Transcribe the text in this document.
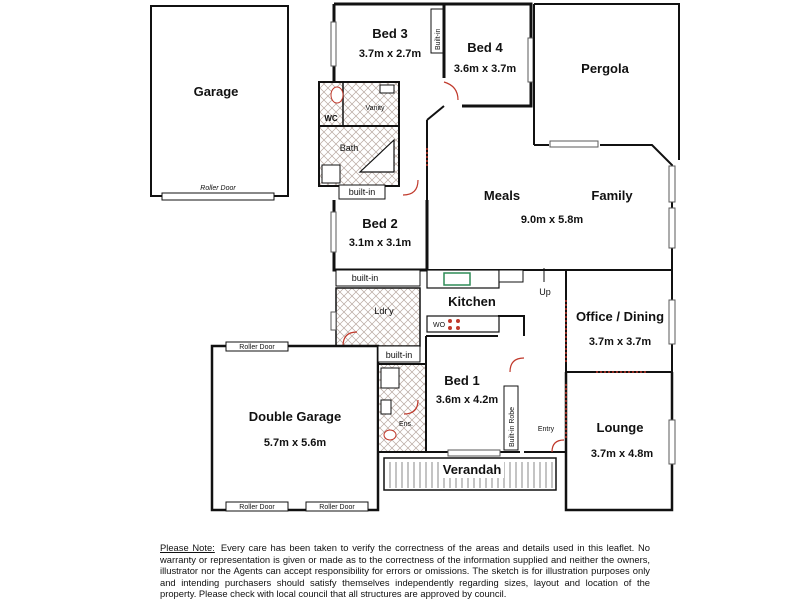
Garage
Roller Door
Built-in
Bed 3
3.7m x 2.7m	Bed 4
3.6m x 3.7m	Pergola
WC
Vanity
Bath
built-in
Bed 2
3.1m x 3.1m
Meals	Family
9.0m x 5.8m
Up
WO
Kitchen
built-in
Ldr'y	Office / Dining
3.7m x 3.7m
Roller Door
Roller Door	Roller Door
Double Garage
5.7m x 5.6m
built-in
Ens.	Built-in Robe
Bed 1
3.6m x 4.2m
Entry	Lounge
3.7m x 4.8m
Verandah
Please Note: Every care has been taken to verify the correctness of the areas and details used in this leaflet. No warranty or representation is given or made as to the correctness of the information supplied and neither the owners, illustrator nor the Agents can accept responsibility for errors or omissions. The sketch is for illustration purposes only and intending purchasers should satisfy themselves independently regarding sizes, layout and location of the property. Please check with local council that all structures are approved by council.
